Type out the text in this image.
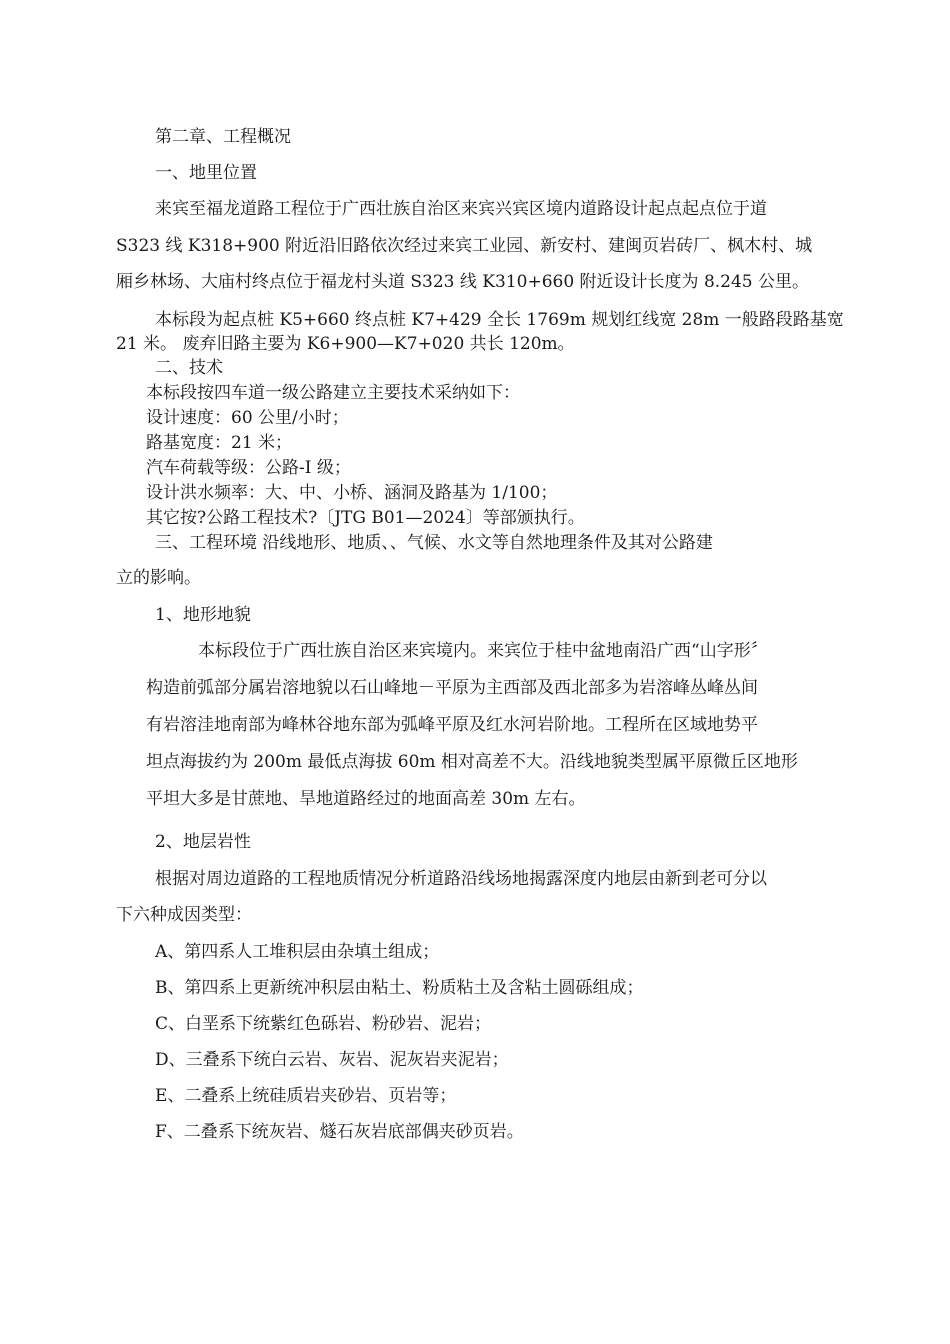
第二章、工程概况
一、地里位置
来宾至福龙道路工程位于广西壮族自治区来宾兴宾区境内道路设计起点起点位于道
S323 线 K318+900 附近沿旧路依次经过来宾工业园、新安村、建闽页岩砖厂、枫木村、城
厢乡林场、大庙村终点位于福龙村头道 S323 线 K310+660 附近设计长度为 8.245 公里。
本标段为起点桩 K5+660 终点桩 K7+429 全长 1769m 规划红线宽 28m 一般路段路基宽
21 米。 废弃旧路主要为 K6+900—K7+020 共长 120m。
二、技术
本标段按四车道一级公路建立主要技术采纳如下：
设计速度：60 公里/小时；
路基宽度：21 米；
汽车荷载等级：公路-I 级；
设计洪水频率：大、中、小桥、涵洞及路基为 1/100；
其它按?公路工程技术?〔JTG B01—2024〕等部颁执行。
三、工程环境 沿线地形、地质、、气候、水文等自然地理条件及其对公路建
立的影响。
1、地形地貌
本标段位于广西壮族自治区来宾境内。来宾位于桂中盆地南沿广西“山字形〞
构造前弧部分属岩溶地貌以石山峰地－平原为主西部及西北部多为岩溶峰丛峰丛间
有岩溶洼地南部为峰林谷地东部为弧峰平原及红水河岩阶地。工程所在区域地势平
坦点海拔约为 200m 最低点海拔 60m 相对高差不大。沿线地貌类型属平原微丘区地形
平坦大多是甘蔗地、旱地道路经过的地面高差 30m 左右。
2、地层岩性
根据对周边道路的工程地质情况分析道路沿线场地揭露深度内地层由新到老可分以
下六种成因类型：
A、第四系人工堆积层由杂填土组成；
B、第四系上更新统冲积层由粘土、粉质粘土及含粘土圆砾组成；
C、白垩系下统紫红色砾岩、粉砂岩、泥岩；
D、三叠系下统白云岩、灰岩、泥灰岩夹泥岩；
E、二叠系上统硅质岩夹砂岩、页岩等；
F、二叠系下统灰岩、燧石灰岩底部偶夹砂页岩。
